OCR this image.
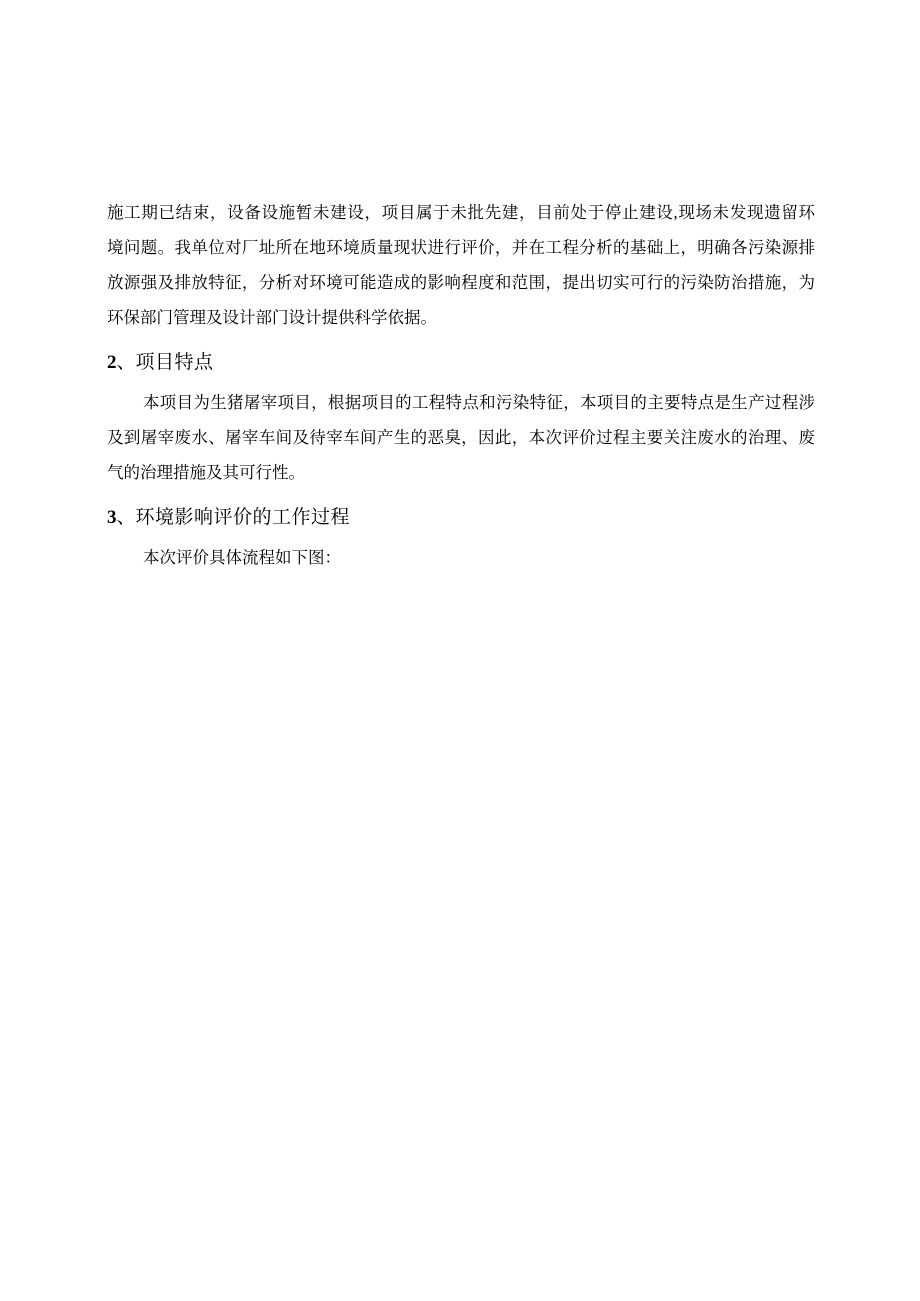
施工期已结束，设备设施暂未建设，项目属于未批先建，目前处于停止建设,现场未发现遗留环
境问题。我单位对厂址所在地环境质量现状进行评价，并在工程分析的基础上，明确各污染源排
放源强及排放特征，分析对环境可能造成的影响程度和范围，提出切实可行的污染防治措施，为
环保部门管理及设计部门设计提供科学依据。
2、项目特点
本项目为生猪屠宰项目，根据项目的工程特点和污染特征，本项目的主要特点是生产过程涉
及到屠宰废水、屠宰车间及待宰车间产生的恶臭，因此，本次评价过程主要关注废水的治理、废
气的治理措施及其可行性。
3、环境影响评价的工作过程
本次评价具体流程如下图：
